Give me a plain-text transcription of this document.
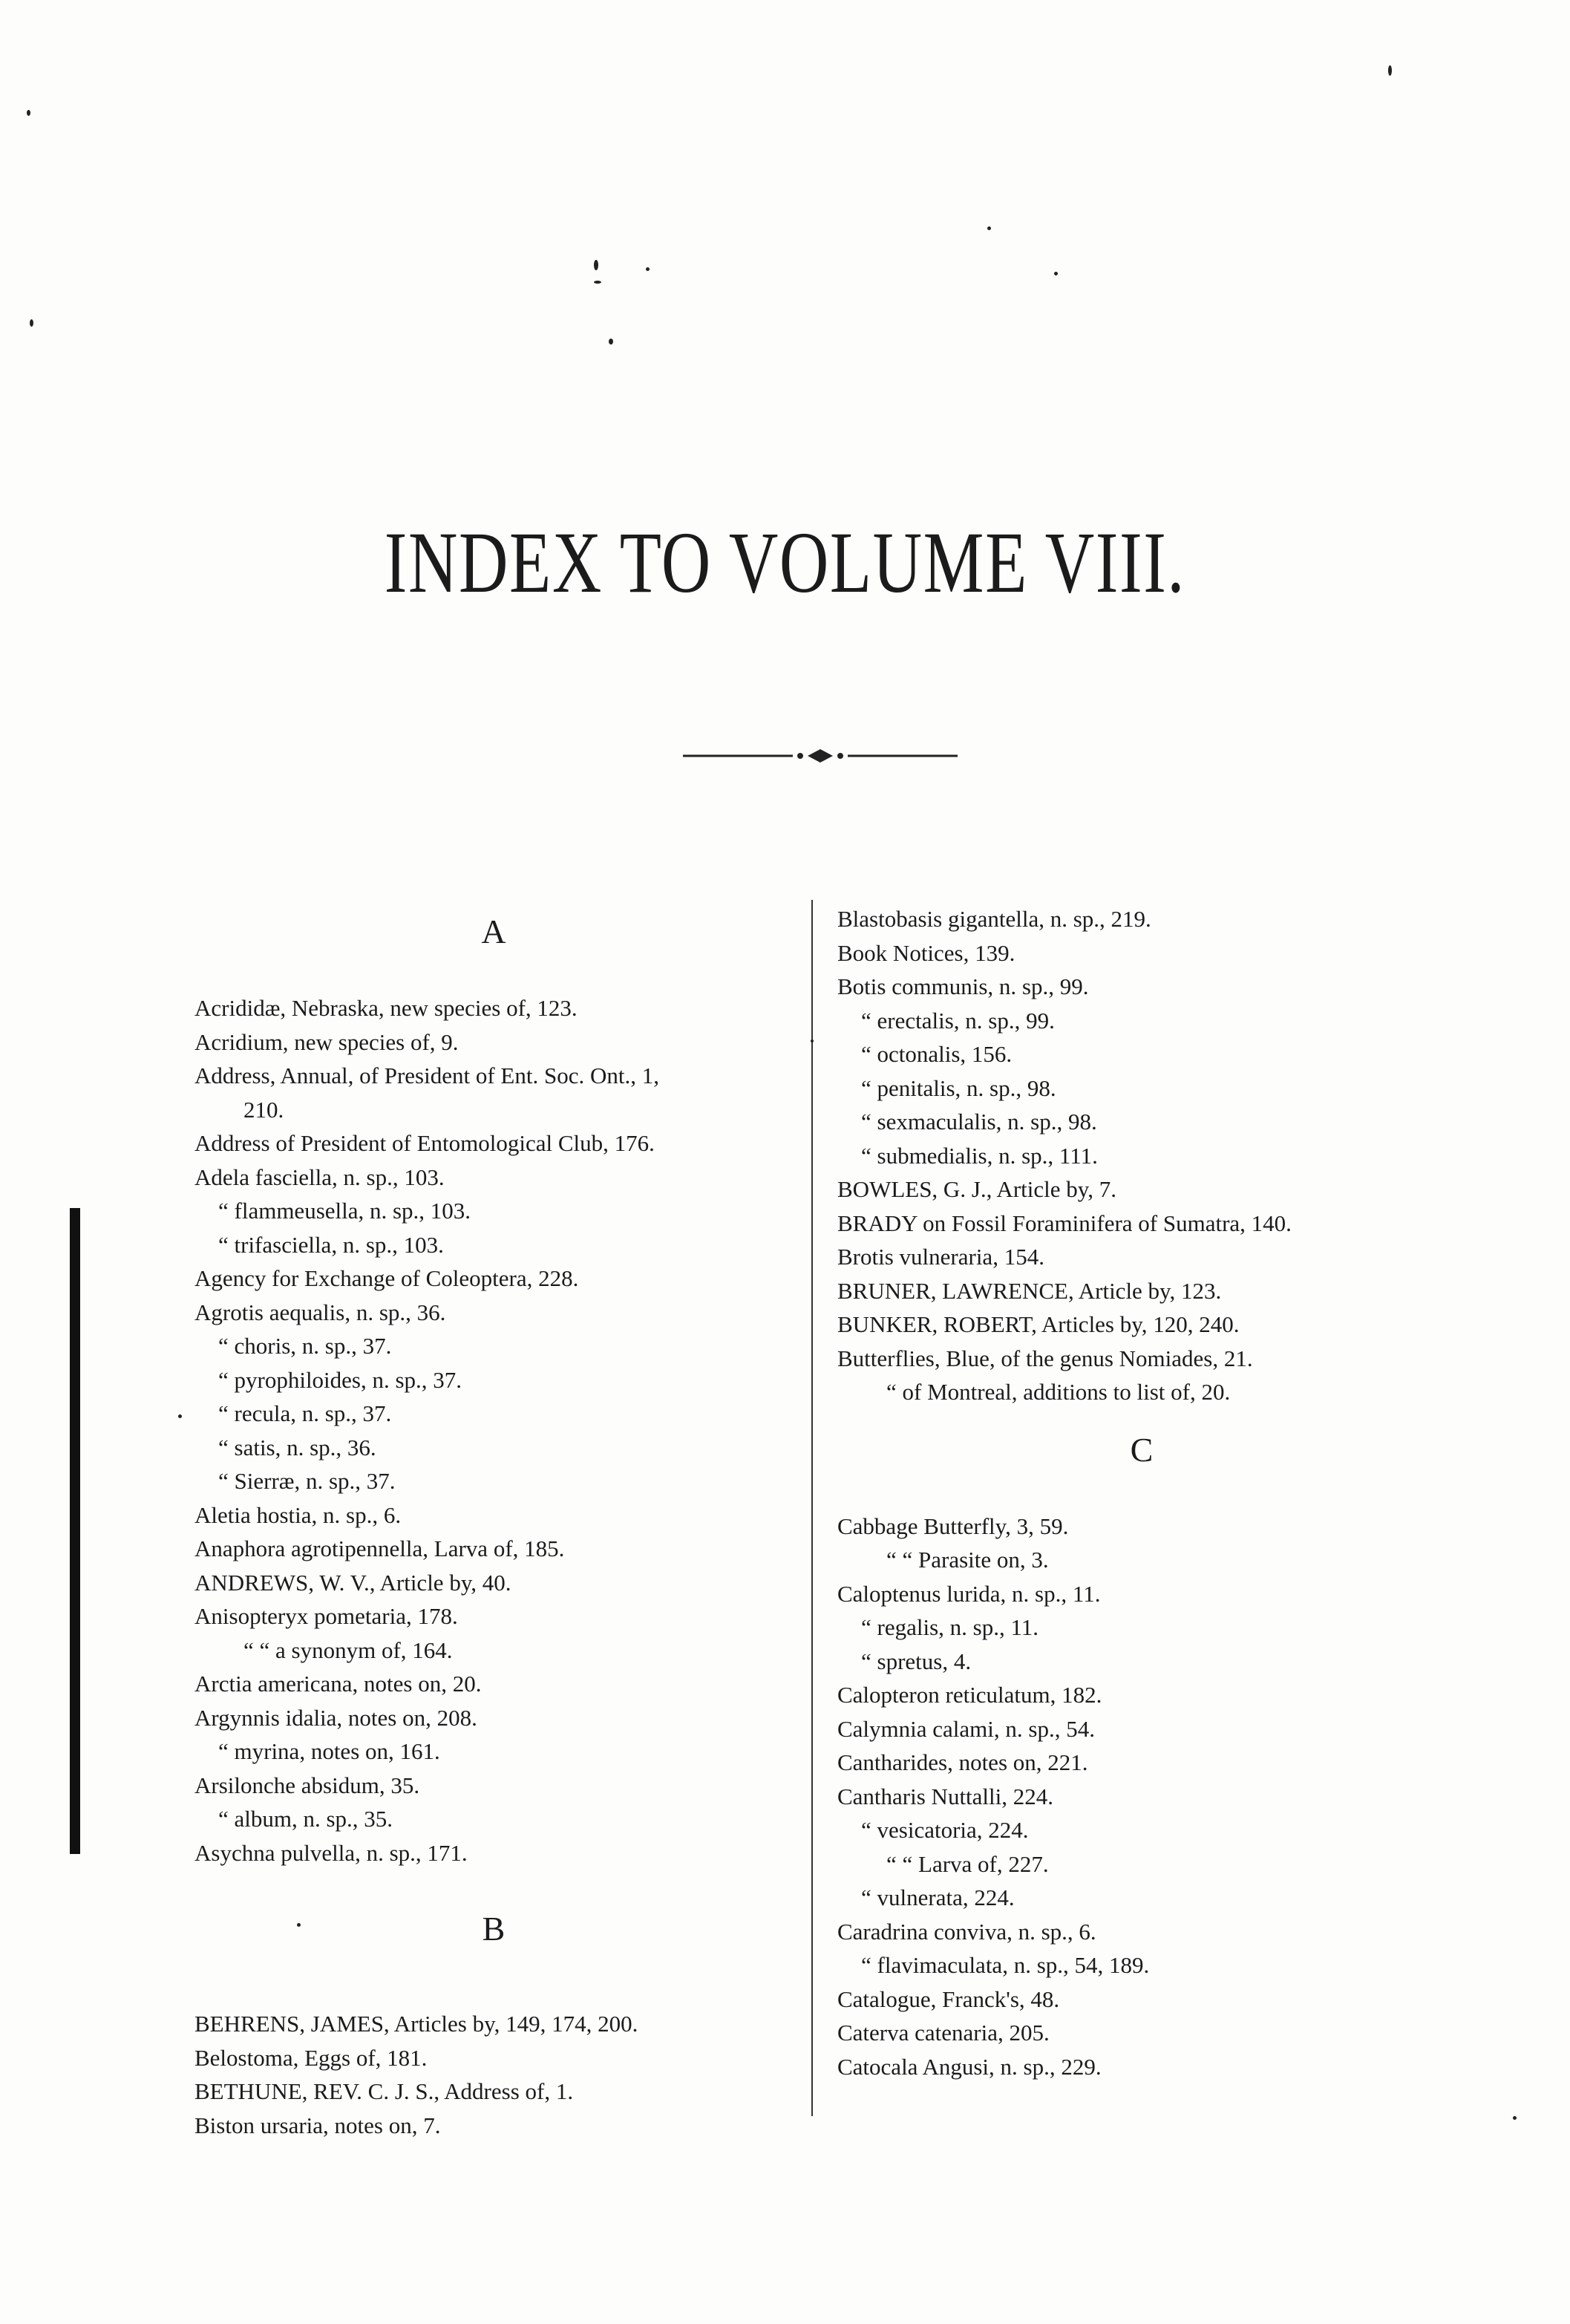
INDEX TO VOLUME VIII.
A
Acrididæ, Nebraska, new species of, 123.
Acridium, new species of, 9.
Address, Annual, of President of Ent. Soc. Ont., 1,
210.
Address of President of Entomological Club, 176.
Adela fasciella, n. sp., 103.
“ flammeusella, n. sp., 103.
“ trifasciella, n. sp., 103.
Agency for Exchange of Coleoptera, 228.
Agrotis aequalis, n. sp., 36.
“ choris, n. sp., 37.
“ pyrophiloides, n. sp., 37.
“ recula, n. sp., 37.
“ satis, n. sp., 36.
“ Sierræ, n. sp., 37.
Aletia hostia, n. sp., 6.
Anaphora agrotipennella, Larva of, 185.
ANDREWS, W. V., Article by, 40.
Anisopteryx pometaria, 178.
“ “ a synonym of, 164.
Arctia americana, notes on, 20.
Argynnis idalia, notes on, 208.
“ myrina, notes on, 161.
Arsilonche absidum, 35.
“ album, n. sp., 35.
Asychna pulvella, n. sp., 171.
B
BEHRENS, JAMES, Articles by, 149, 174, 200.
Belostoma, Eggs of, 181.
BETHUNE, REV. C. J. S., Address of, 1.
Biston ursaria, notes on, 7.
Blastobasis gigantella, n. sp., 219.
Book Notices, 139.
Botis communis, n. sp., 99.
“ erectalis, n. sp., 99.
“ octonalis, 156.
“ penitalis, n. sp., 98.
“ sexmaculalis, n. sp., 98.
“ submedialis, n. sp., 111.
BOWLES, G. J., Article by, 7.
BRADY on Fossil Foraminifera of Sumatra, 140.
Brotis vulneraria, 154.
BRUNER, LAWRENCE, Article by, 123.
BUNKER, ROBERT, Articles by, 120, 240.
Butterflies, Blue, of the genus Nomiades, 21.
“ of Montreal, additions to list of, 20.
C
Cabbage Butterfly, 3, 59.
“ “ Parasite on, 3.
Caloptenus lurida, n. sp., 11.
“ regalis, n. sp., 11.
“ spretus, 4.
Calopteron reticulatum, 182.
Calymnia calami, n. sp., 54.
Cantharides, notes on, 221.
Cantharis Nuttalli, 224.
“ vesicatoria, 224.
“ “ Larva of, 227.
“ vulnerata, 224.
Caradrina conviva, n. sp., 6.
“ flavimaculata, n. sp., 54, 189.
Catalogue, Franck's, 48.
Caterva catenaria, 205.
Catocala Angusi, n. sp., 229.
